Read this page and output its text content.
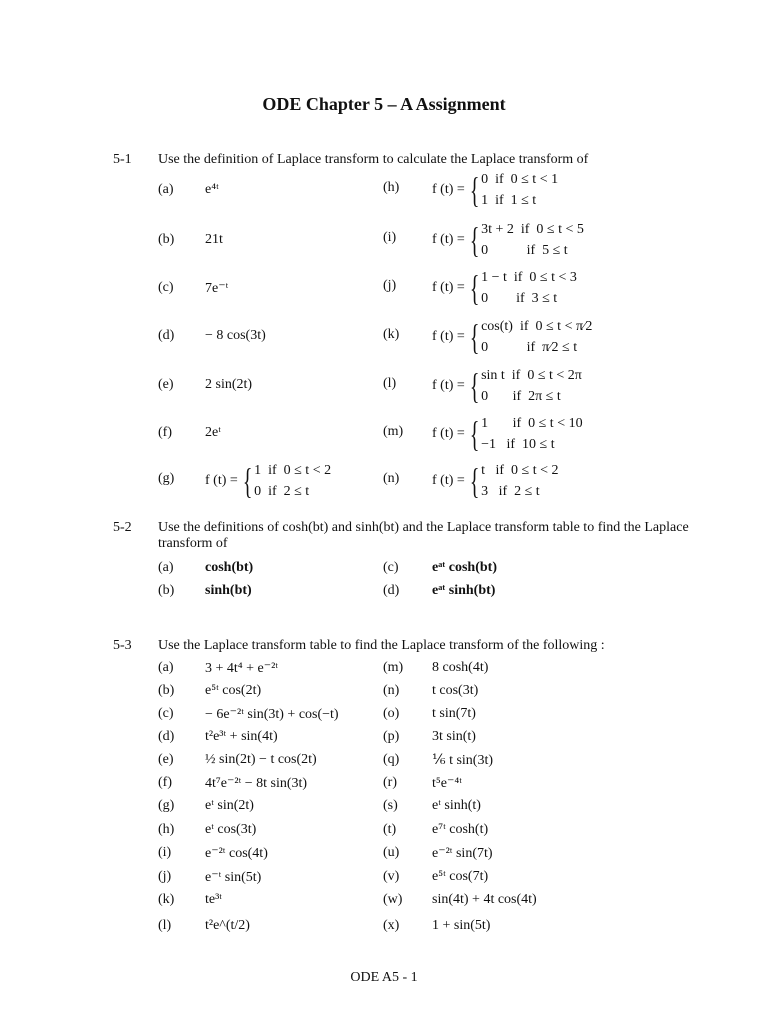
ODE Chapter 5 – A Assignment
5-1 Use the definition of Laplace transform to calculate the Laplace transform of
(a) e⁴ᵗ
(b) 21t
(c) 7e⁻ᵗ
(d) − 8 cos(3t)
(e) 2 sin(2t)
(f) 2eᵗ
(g) f (t) = { 1  if  0 ≤ t < 2
0  if  2 ≤ t
(h) f (t) = { 0  if  0 ≤ t < 1
1  if  1 ≤ t
(i)	f (t) = { 3t + 2  if  0 ≤ t < 5
0           if  5 ≤ t
(j)	f (t) = { 1 − t  if  0 ≤ t < 3
0        if  3 ≤ t
(k) f (t) = { cos(t)  if  0 ≤ t < π⁄2
0           if  π⁄2 ≤ t
(l)	f (t) = { sin t  if  0 ≤ t < 2π
0       if  2π ≤ t
(m) f (t) = { 1       if  0 ≤ t < 10
−1   if  10 ≤ t
(n) f (t) = { t   if  0 ≤ t < 2
3   if  2 ≤ t
5-2 Use the definitions of cosh(bt) and sinh(bt) and the Laplace transform table to find the Laplace transform of
(a) cosh(bt)
(b) sinh(bt)
(c) eᵃᵗ cosh(bt)
(d) eᵃᵗ sinh(bt)
5-3 Use the Laplace transform table to find the Laplace transform of the following :
(a) 3 + 4t⁴ + e⁻²ᵗ
(b) e⁵ᵗ cos(2t)
(c) − 6e⁻²ᵗ sin(3t) + cos(−t)
(d) t²e³ᵗ + sin(4t)
(e) ½ sin(2t) − t cos(2t)
(f) 4t⁷e⁻²ᵗ − 8t sin(3t)
(g) eᵗ sin(2t)
(h) eᵗ cos(3t)
(i) e⁻²ᵗ cos(4t)
(j) e⁻ᵗ sin(5t)
(k) te³ᵗ
(l) t²e^(t/2)
(m) 8 cosh(4t)
(n) t cos(3t)
(o) t sin(7t)
(p) 3t sin(t)
(q) ⅙ t sin(3t)
(r)	t⁵e⁻⁴ᵗ
(s) eᵗ sinh(t)
(t)	e⁷ᵗ cosh(t)
(u) e⁻²ᵗ sin(7t)
(v) e⁵ᵗ cos(7t)
(w) sin(4t) + 4t cos(4t)
(x) 1 + sin(5t)
ODE A5 - 1
